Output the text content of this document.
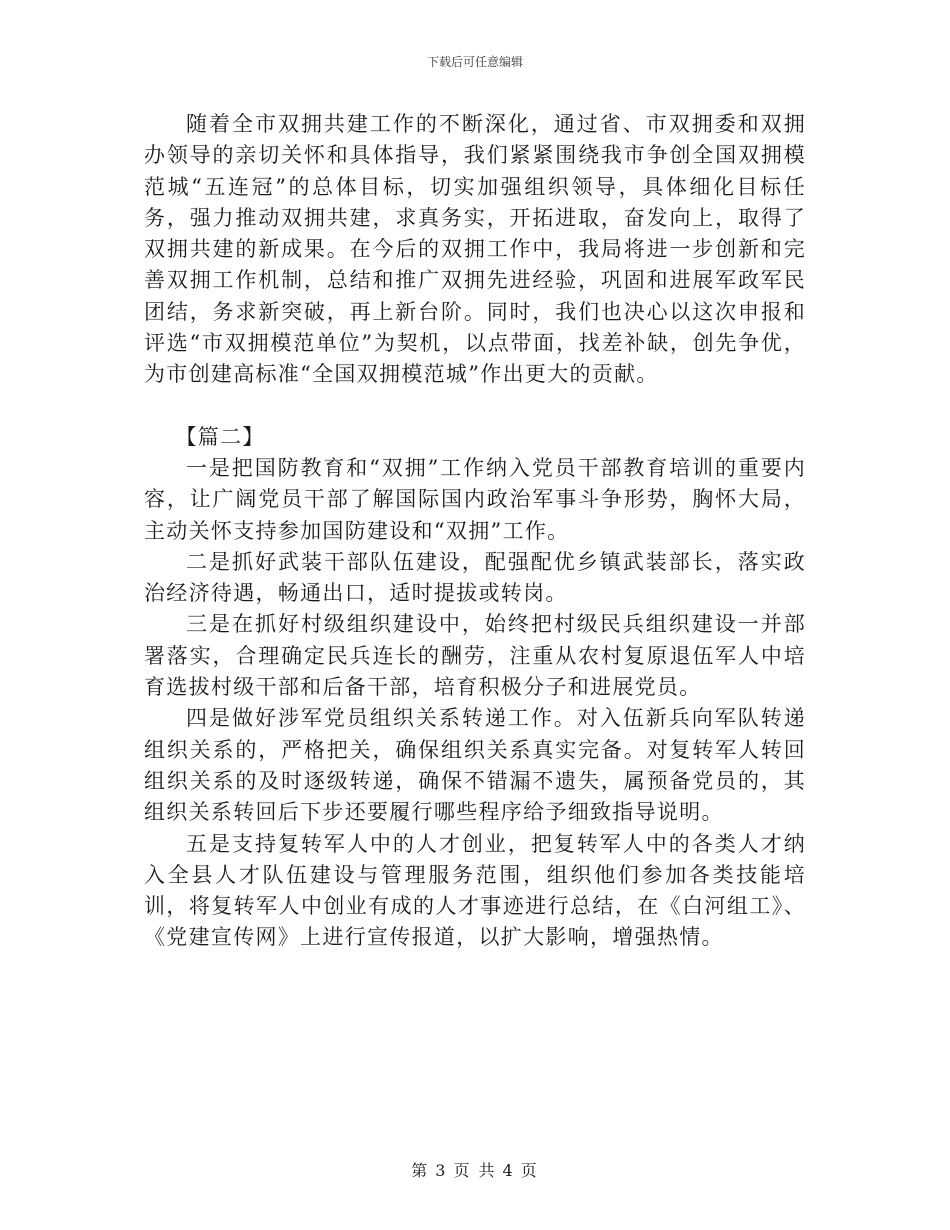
下载后可任意编辑

随着全市双拥共建工作的不断深化，通过省、市双拥委和双拥办领导的亲切关怀和具体指导，我们紧紧围绕我市争创全国双拥模范城“五连冠”的总体目标，切实加强组织领导，具体细化目标任务，强力推动双拥共建，求真务实，开拓进取，奋发向上，取得了双拥共建的新成果。在今后的双拥工作中，我局将进一步创新和完善双拥工作机制，总结和推广双拥先进经验，巩固和进展军政军民团结，务求新突破，再上新台阶。同时，我们也决心以这次申报和评选“市双拥模范单位”为契机，以点带面，找差补缺，创先争优，为市创建高标准“全国双拥模范城”作出更大的贡献。

【篇二】

一是把国防教育和“双拥”工作纳入党员干部教育培训的重要内容，让广阔党员干部了解国际国内政治军事斗争形势，胸怀大局，主动关怀支持参加国防建设和“双拥”工作。

二是抓好武装干部队伍建设，配强配优乡镇武装部长，落实政治经济待遇，畅通出口，适时提拔或转岗。

三是在抓好村级组织建设中，始终把村级民兵组织建设一并部署落实，合理确定民兵连长的酬劳，注重从农村复原退伍军人中培育选拔村级干部和后备干部，培育积极分子和进展党员。

四是做好涉军党员组织关系转递工作。对入伍新兵向军队转递组织关系的，严格把关，确保组织关系真实完备。对复转军人转回组织关系的及时逐级转递，确保不错漏不遗失，属预备党员的，其组织关系转回后下步还要履行哪些程序给予细致指导说明。

五是支持复转军人中的人才创业，把复转军人中的各类人才纳入全县人才队伍建设与管理服务范围，组织他们参加各类技能培训，将复转军人中创业有成的人才事迹进行总结，在《白河组工》、《党建宣传网》上进行宣传报道，以扩大影响，增强热情。

第 3 页 共 4 页
